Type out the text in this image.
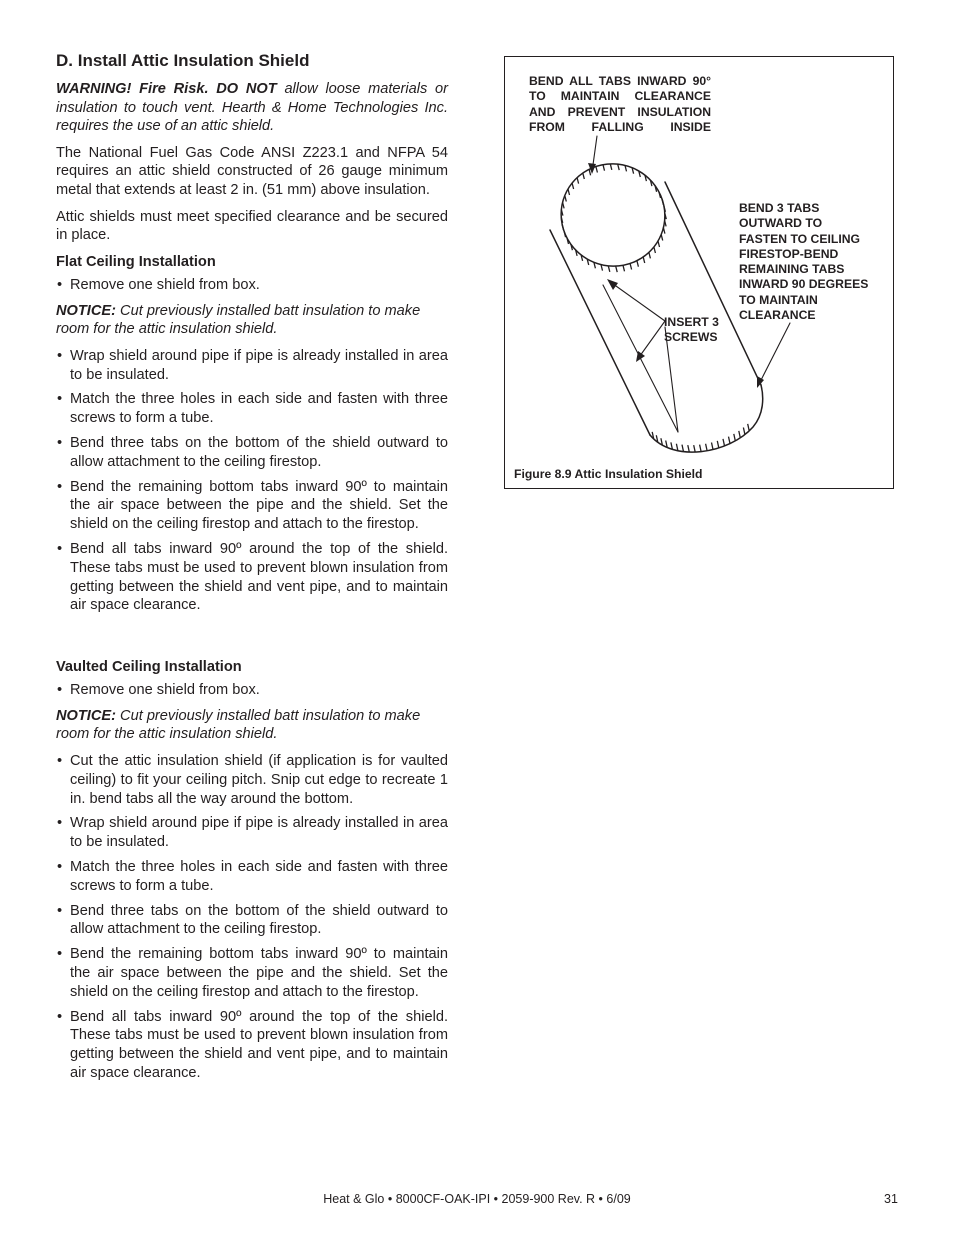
D. Install Attic Insulation Shield

WARNING! Fire Risk. DO NOT allow loose materials or insulation to touch vent. Hearth & Home Technologies Inc. requires the use of an attic shield.

The National Fuel Gas Code ANSI Z223.1 and NFPA 54 requires an attic shield constructed of 26 gauge minimum metal that extends at least 2 in. (51 mm) above insulation.

Attic shields must meet specified clearance and be secured in place.

Flat Ceiling Installation
• Remove one shield from box.

NOTICE: Cut previously installed batt insulation to make room for the attic insulation shield.

• Wrap shield around pipe if pipe is already installed in area to be insulated.
• Match the three holes in each side and fasten with three screws to form a tube.
• Bend three tabs on the bottom of the shield outward to allow attachment to the ceiling firestop.
• Bend the remaining bottom tabs inward 90º to maintain the air space between the pipe and the shield. Set the shield on the ceiling firestop and attach to the firestop.
• Bend all tabs inward 90º around the top of the shield. These tabs must be used to prevent blown insulation from getting between the shield and vent pipe, and to maintain air space clearance.
Vaulted Ceiling Installation
• Remove one shield from box.

NOTICE: Cut previously installed batt insulation to make room for the attic insulation shield.

• Cut the attic insulation shield (if application is for vaulted ceiling) to fit your ceiling pitch. Snip cut edge to recreate 1 in. bend tabs all the way around the bottom.
• Wrap shield around pipe if pipe is already installed in area to be insulated.
• Match the three holes in each side and fasten with three screws to form a tube.
• Bend three tabs on the bottom of the shield outward to allow attachment to the ceiling firestop.
• Bend the remaining bottom tabs inward 90º to maintain the air space between the pipe and the shield. Set the shield on the ceiling firestop and attach to the firestop.
• Bend all tabs inward 90º around the top of the shield. These tabs must be used to prevent blown insulation from getting between the shield and vent pipe, and to maintain air space clearance.
BEND ALL TABS INWARD 90°
TO MAINTAIN CLEARANCE
AND PREVENT INSULATION
FROM FALLING INSIDE
BEND 3 TABS
OUTWARD TO
FASTEN TO CEILING
FIRESTOP-BEND
REMAINING TABS
INWARD 90 DEGREES
TO MAINTAIN
CLEARANCE
INSERT 3
SCREWS
Figure 8.9 Attic Insulation Shield
Heat & Glo • 8000CF-OAK-IPI • 2059-900 Rev. R • 6/09	31
